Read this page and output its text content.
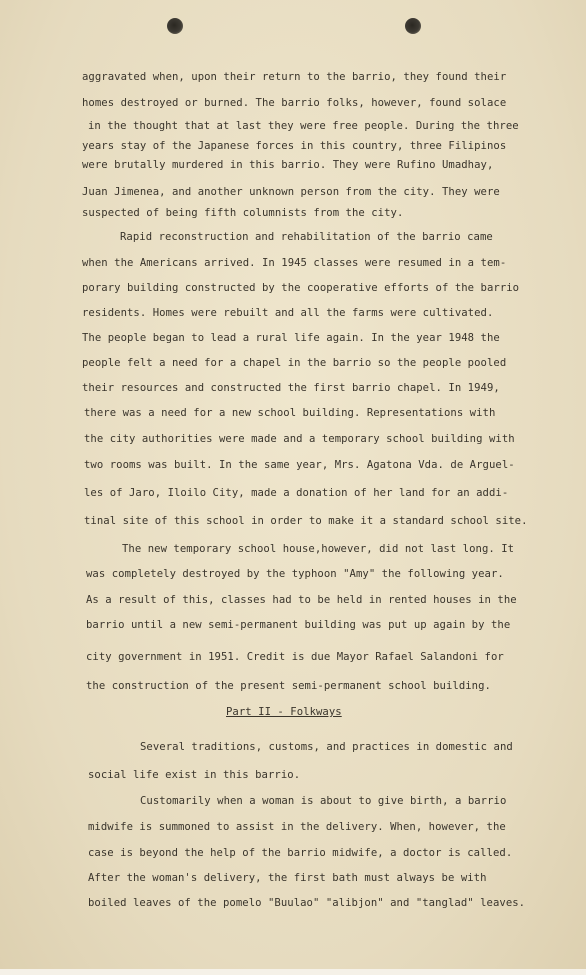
aggravated when, upon their return to the barrio, they found their
homes destroyed or burned. The barrio folks, however, found solace
in the thought that at last they were free people. During the three
years stay of the Japanese forces in this country, three Filipinos
were brutally murdered in this barrio. They were Rufino Umadhay,
Juan Jimenea, and another unknown person from the city. They were
suspected of being fifth columnists from the city.
Rapid reconstruction and rehabilitation of the barrio came
when the Americans arrived. In 1945 classes were resumed in a tem-
porary building constructed by the cooperative efforts of the barrio
residents. Homes were rebuilt and all the farms were cultivated.
The people began to lead a rural life again. In the year 1948 the
people felt a need for a chapel in the barrio so the people pooled
their resources and constructed the first barrio chapel. In 1949,
there was a need for a new school building. Representations with
the city authorities were made and a temporary school building with
two rooms was built. In the same year, Mrs. Agatona Vda. de Arguel-
les of Jaro, Iloilo City, made a donation of her land for an addi-
tinal site of this school in order to make it a standard school site.
The new temporary school house,however, did not last long. It
was completely destroyed by the typhoon "Amy" the following year.
As a result of this, classes had to be held in rented houses in the
barrio until a new semi-permanent building was put up again by the
city government in 1951. Credit is due Mayor Rafael Salandoni for
the construction of the present semi-permanent school building.
Part II - Folkways
Several traditions, customs, and practices in domestic and
social life exist in this barrio.
Customarily when a woman is about to give birth, a barrio
midwife is summoned to assist in the delivery. When, however, the
case is beyond the help of the barrio midwife, a doctor is called.
After the woman's delivery, the first bath must always be with
boiled leaves of the pomelo "Buulao" "alibjon" and "tanglad" leaves.
